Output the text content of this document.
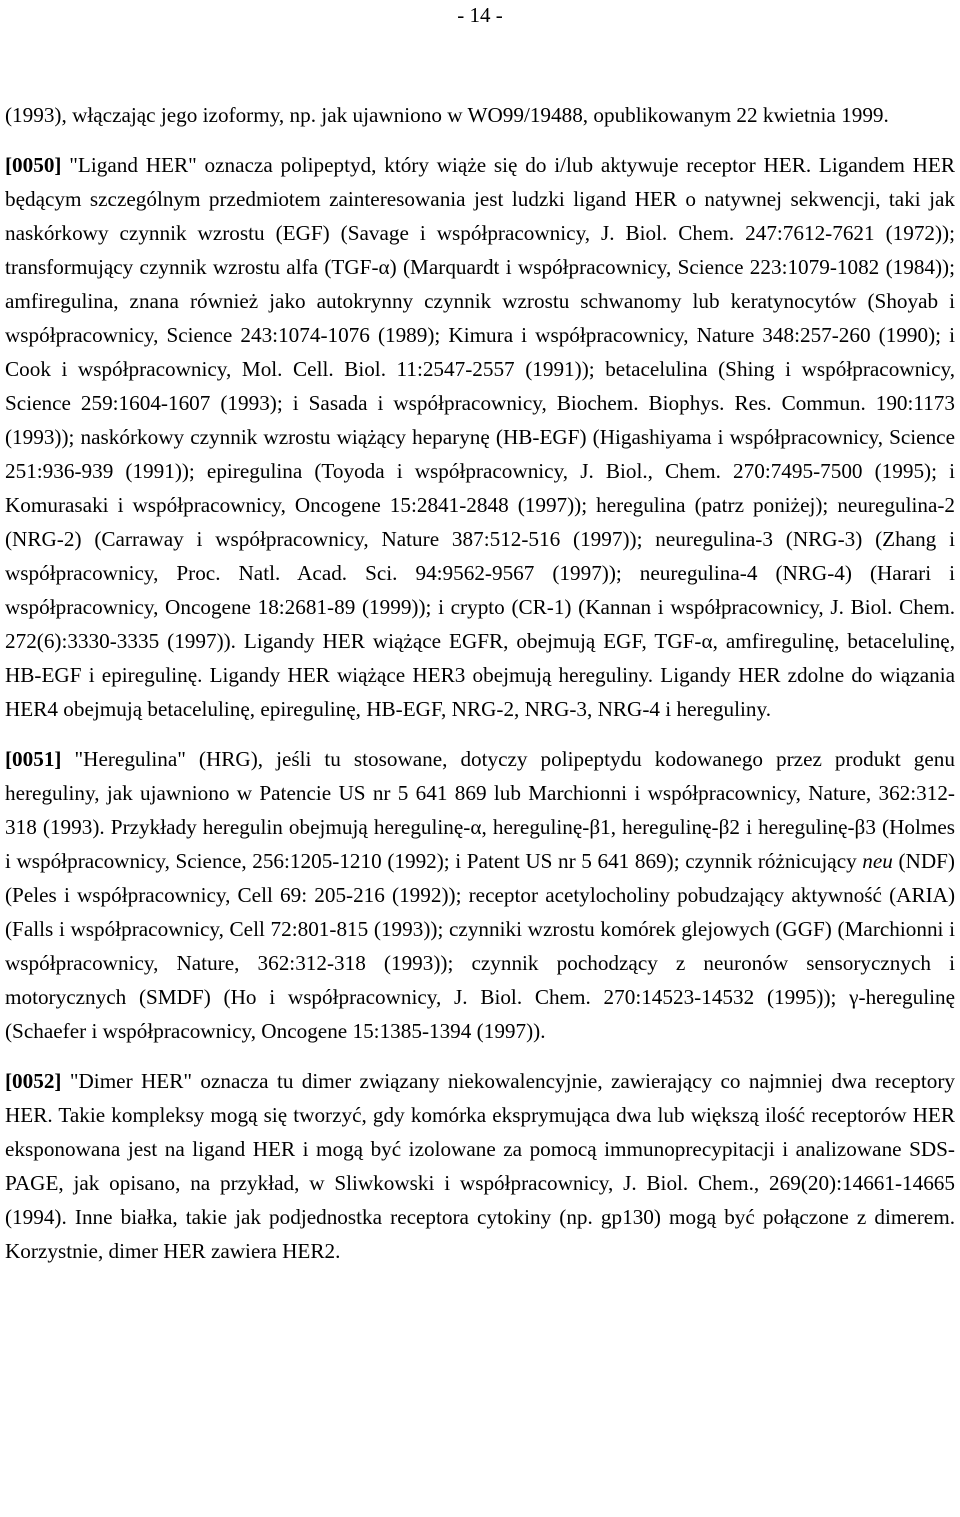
- 14 -

(1993), włączając jego izoformy, np. jak ujawniono w WO99/19488, opublikowanym 22 kwietnia 1999.

[0050] "Ligand HER" oznacza polipeptyd, który wiąże się do i/lub aktywuje receptor HER. Ligandem HER będącym szczególnym przedmiotem zainteresowania jest ludzki ligand HER o natywnej sekwencji, taki jak naskórkowy czynnik wzrostu (EGF) (Savage i współpracownicy, J. Biol. Chem. 247:7612-7621 (1972)); transformujący czynnik wzrostu alfa (TGF-α) (Marquardt i współpracownicy, Science 223:1079-1082 (1984)); amfiregulina, znana również jako autokrynny czynnik wzrostu schwanomy lub keratynocytów (Shoyab i współpracownicy, Science 243:1074-1076 (1989); Kimura i współpracownicy, Nature 348:257-260 (1990); i Cook i współpracownicy, Mol. Cell. Biol. 11:2547-2557 (1991)); betacelulina (Shing i współpracownicy, Science 259:1604-1607 (1993); i Sasada i współpracownicy, Biochem. Biophys. Res. Commun. 190:1173 (1993)); naskórkowy czynnik wzrostu wiążący heparynę (HB-EGF) (Higashiyama i współpracownicy, Science 251:936-939 (1991)); epiregulina (Toyoda i współpracownicy, J. Biol., Chem. 270:7495-7500 (1995); i Komurasaki i współpracownicy, Oncogene 15:2841-2848 (1997)); heregulina (patrz poniżej); neuregulina-2 (NRG-2) (Carraway i współpracownicy, Nature 387:512-516 (1997)); neuregulina-3 (NRG-3) (Zhang i współpracownicy, Proc. Natl. Acad. Sci. 94:9562-9567 (1997)); neuregulina-4 (NRG-4) (Harari i współpracownicy, Oncogene 18:2681-89 (1999)); i crypto (CR-1) (Kannan i współpracownicy, J. Biol. Chem. 272(6):3330-3335 (1997)). Ligandy HER wiążące EGFR, obejmują EGF, TGF-α, amfiregulinę, betacelulinę, HB-EGF i epiregulinę. Ligandy HER wiążące HER3 obejmują hereguliny. Ligandy HER zdolne do wiązania HER4 obejmują betacelulinę, epiregulinę, HB-EGF, NRG-2, NRG-3, NRG-4 i hereguliny.

[0051] "Heregulina" (HRG), jeśli tu stosowane, dotyczy polipeptydu kodowanego przez produkt genu hereguliny, jak ujawniono w Patencie US nr 5 641 869 lub Marchionni i współpracownicy, Nature, 362:312-318 (1993). Przykłady heregulin obejmują heregulinę-α, heregulinę-β1, heregulinę-β2 i heregulinę-β3 (Holmes i współpracownicy, Science, 256:1205-1210 (1992); i Patent US nr 5 641 869); czynnik różnicujący neu (NDF) (Peles i współpracownicy, Cell 69: 205-216 (1992)); receptor acetylocholiny pobudzający aktywność (ARIA) (Falls i współpracownicy, Cell 72:801-815 (1993)); czynniki wzrostu komórek glejowych (GGF) (Marchionni i współpracownicy, Nature, 362:312-318 (1993)); czynnik pochodzący z neuronów sensorycznych i motorycznych (SMDF) (Ho i współpracownicy, J. Biol. Chem. 270:14523-14532 (1995)); γ-heregulinę (Schaefer i współpracownicy, Oncogene 15:1385-1394 (1997)).

[0052] "Dimer HER" oznacza tu dimer związany niekowalencyjnie, zawierający co najmniej dwa receptory HER. Takie kompleksy mogą się tworzyć, gdy komórka eksprymująca dwa lub większą ilość receptorów HER eksponowana jest na ligand HER i mogą być izolowane za pomocą immunoprecypitacji i analizowane SDS-PAGE, jak opisano, na przykład, w Sliwkowski i współpracownicy, J. Biol. Chem., 269(20):14661-14665 (1994). Inne białka, takie jak podjednostka receptora cytokiny (np. gp130) mogą być połączone z dimerem. Korzystnie, dimer HER zawiera HER2.
